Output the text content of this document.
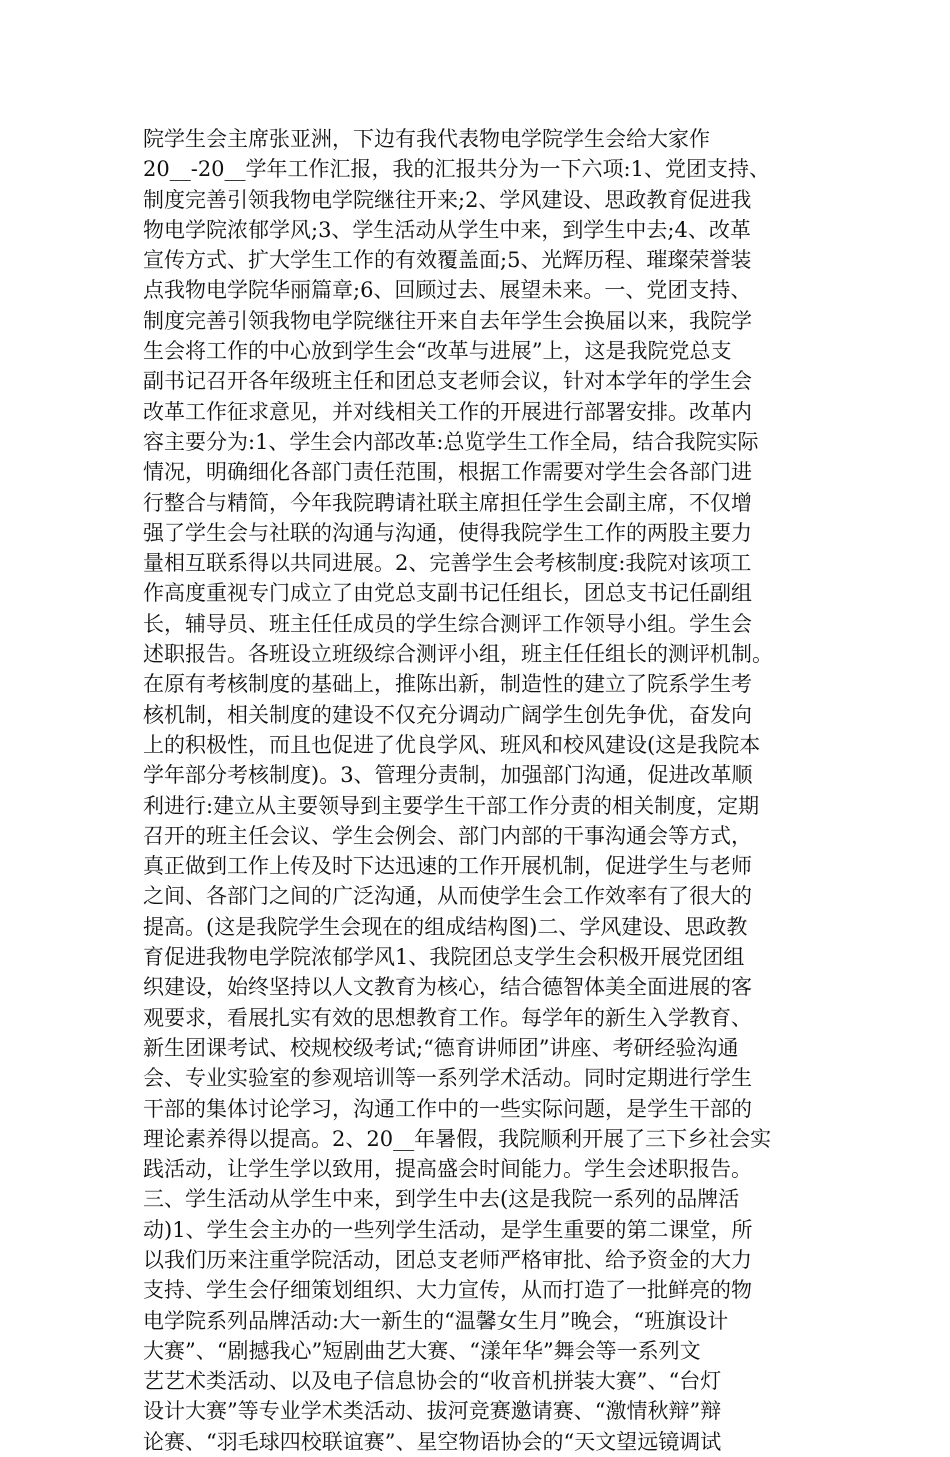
院学生会主席张亚洲，下边有我代表物电学院学生会给大家作
20__-20__学年工作汇报，我的汇报共分为一下六项:1、党团支持、
制度完善引领我物电学院继往开来;2、学风建设、思政教育促进我
物电学院浓郁学风;3、学生活动从学生中来，到学生中去;4、改革
宣传方式、扩大学生工作的有效覆盖面;5、光辉历程、璀璨荣誉装
点我物电学院华丽篇章;6、回顾过去、展望未来。一、党团支持、
制度完善引领我物电学院继往开来自去年学生会换届以来，我院学
生会将工作的中心放到学生会“改革与进展”上，这是我院党总支
副书记召开各年级班主任和团总支老师会议，针对本学年的学生会
改革工作征求意见，并对线相关工作的开展进行部署安排。改革内
容主要分为:1、学生会内部改革:总览学生工作全局，结合我院实际
情况，明确细化各部门责任范围，根据工作需要对学生会各部门进
行整合与精简，今年我院聘请社联主席担任学生会副主席，不仅增
强了学生会与社联的沟通与沟通，使得我院学生工作的两股主要力
量相互联系得以共同进展。2、完善学生会考核制度:我院对该项工
作高度重视专门成立了由党总支副书记任组长，团总支书记任副组
长，辅导员、班主任任成员的学生综合测评工作领导小组。学生会
述职报告。各班设立班级综合测评小组，班主任任组长的测评机制。
在原有考核制度的基础上，推陈出新，制造性的建立了院系学生考
核机制，相关制度的建设不仅充分调动广阔学生创先争优，奋发向
上的积极性，而且也促进了优良学风、班风和校风建设(这是我院本
学年部分考核制度)。3、管理分责制，加强部门沟通，促进改革顺
利进行:建立从主要领导到主要学生干部工作分责的相关制度，定期
召开的班主任会议、学生会例会、部门内部的干事沟通会等方式，
真正做到工作上传及时下达迅速的工作开展机制，促进学生与老师
之间、各部门之间的广泛沟通，从而使学生会工作效率有了很大的
提高。(这是我院学生会现在的组成结构图)二、学风建设、思政教
育促进我物电学院浓郁学风1、我院团总支学生会积极开展党团组
织建设，始终坚持以人文教育为核心，结合德智体美全面进展的客
观要求，看展扎实有效的思想教育工作。每学年的新生入学教育、
新生团课考试、校规校级考试;“德育讲师团”讲座、考研经验沟通
会、专业实验室的参观培训等一系列学术活动。同时定期进行学生
干部的集体讨论学习，沟通工作中的一些实际问题，是学生干部的
理论素养得以提高。2、20__年暑假，我院顺利开展了三下乡社会实
践活动，让学生学以致用，提高盛会时间能力。学生会述职报告。
三、学生活动从学生中来，到学生中去(这是我院一系列的品牌活
动)1、学生会主办的一些列学生活动，是学生重要的第二课堂，所
以我们历来注重学院活动，团总支老师严格审批、给予资金的大力
支持、学生会仔细策划组织、大力宣传，从而打造了一批鲜亮的物
电学院系列品牌活动:大一新生的“温馨女生月”晚会，“班旗设计
大赛”、“剧撼我心”短剧曲艺大赛、“漾年华”舞会等一系列文
艺艺术类活动、以及电子信息协会的“收音机拼装大赛”、“台灯
设计大赛”等专业学术类活动、拔河竞赛邀请赛、“激情秋辩”辩
论赛、“羽毛球四校联谊赛”、星空物语协会的“天文望远镜调试
